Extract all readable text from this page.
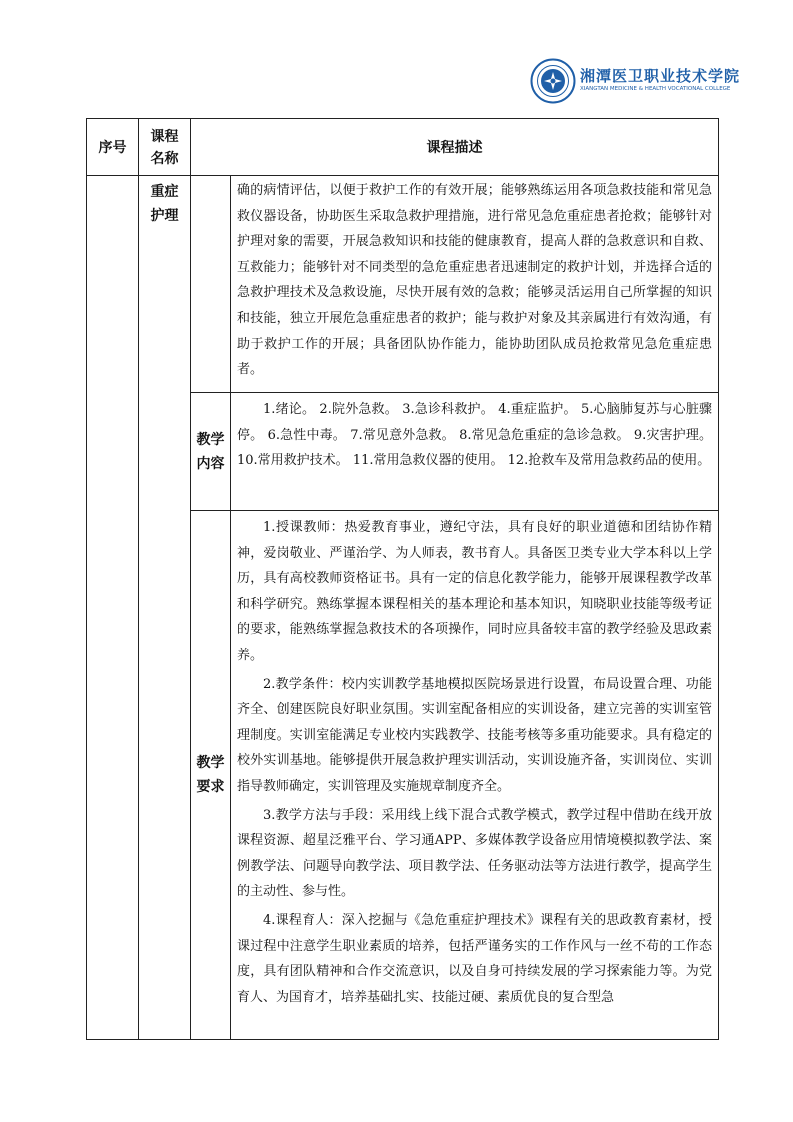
湘潭医卫职业技术学院
XIANGTAN MEDICINE & HEALTH VOCATIONAL COLLEGE
序号	课程名称	课程描述	
	重症护理		确的病情评估，以便于救护工作的有效开展；能够熟练运用各项急救技能和常见急救仪器设备，协助医生采取急救护理措施，进行常见急危重症患者抢救；能够针对护理对象的需要，开展急救知识和技能的健康教育，提高人群的急救意识和自救、互救能力；能够针对不同类型的急危重症患者迅速制定的救护计划，并选择合适的急救护理技术及急救设施，尽快开展有效的急救；能够灵活运用自己所掌握的知识和技能，独立开展危急重症患者的救护；能与救护对象及其亲属进行有效沟通，有助于救护工作的开展；具备团队协作能力，能协助团队成员抢救常见急危重症患者。

		教学内容	1.绪论。 2.院外急救。 3.急诊科救护。 4.重症监护。 5.心脑肺复苏与心脏骤停。 6.急性中毒。 7.常见意外急救。 8.常见急危重症的急诊急救。 9.灾害护理。 10.常用救护技术。 11.常用急救仪器的使用。 12.抢救车及常用急救药品的使用。

		教学要求	1.授课教师：热爱教育事业，遵纪守法，具有良好的职业道德和团结协作精神，爱岗敬业、严谨治学、为人师表，教书育人。具备医卫类专业大学本科以上学历，具有高校教师资格证书。具有一定的信息化教学能力，能够开展课程教学改革和科学研究。熟练掌握本课程相关的基本理论和基本知识，知晓职业技能等级考证的要求，能熟练掌握急救技术的各项操作，同时应具备较丰富的教学经验及思政素养。

2.教学条件：校内实训教学基地模拟医院场景进行设置，布局设置合理、功能齐全、创建医院良好职业氛围。实训室配备相应的实训设备，建立完善的实训室管理制度。实训室能满足专业校内实践教学、技能考核等多重功能要求。具有稳定的校外实训基地。能够提供开展急救护理实训活动，实训设施齐备，实训岗位、实训指导教师确定，实训管理及实施规章制度齐全。

3.教学方法与手段：采用线上线下混合式教学模式，教学过程中借助在线开放课程资源、超星泛雅平台、学习通APP、多媒体教学设备应用情境模拟教学法、案例教学法、问题导向教学法、项目教学法、任务驱动法等方法进行教学，提高学生的主动性、参与性。

4.课程育人：深入挖掘与《急危重症护理技术》课程有关的思政教育素材，授课过程中注意学生职业素质的培养，包括严谨务实的工作作风与一丝不苟的工作态度，具有团队精神和合作交流意识，以及自身可持续发展的学习探索能力等。为党育人、为国育才，培养基础扎实、技能过硬、素质优良的复合型急
